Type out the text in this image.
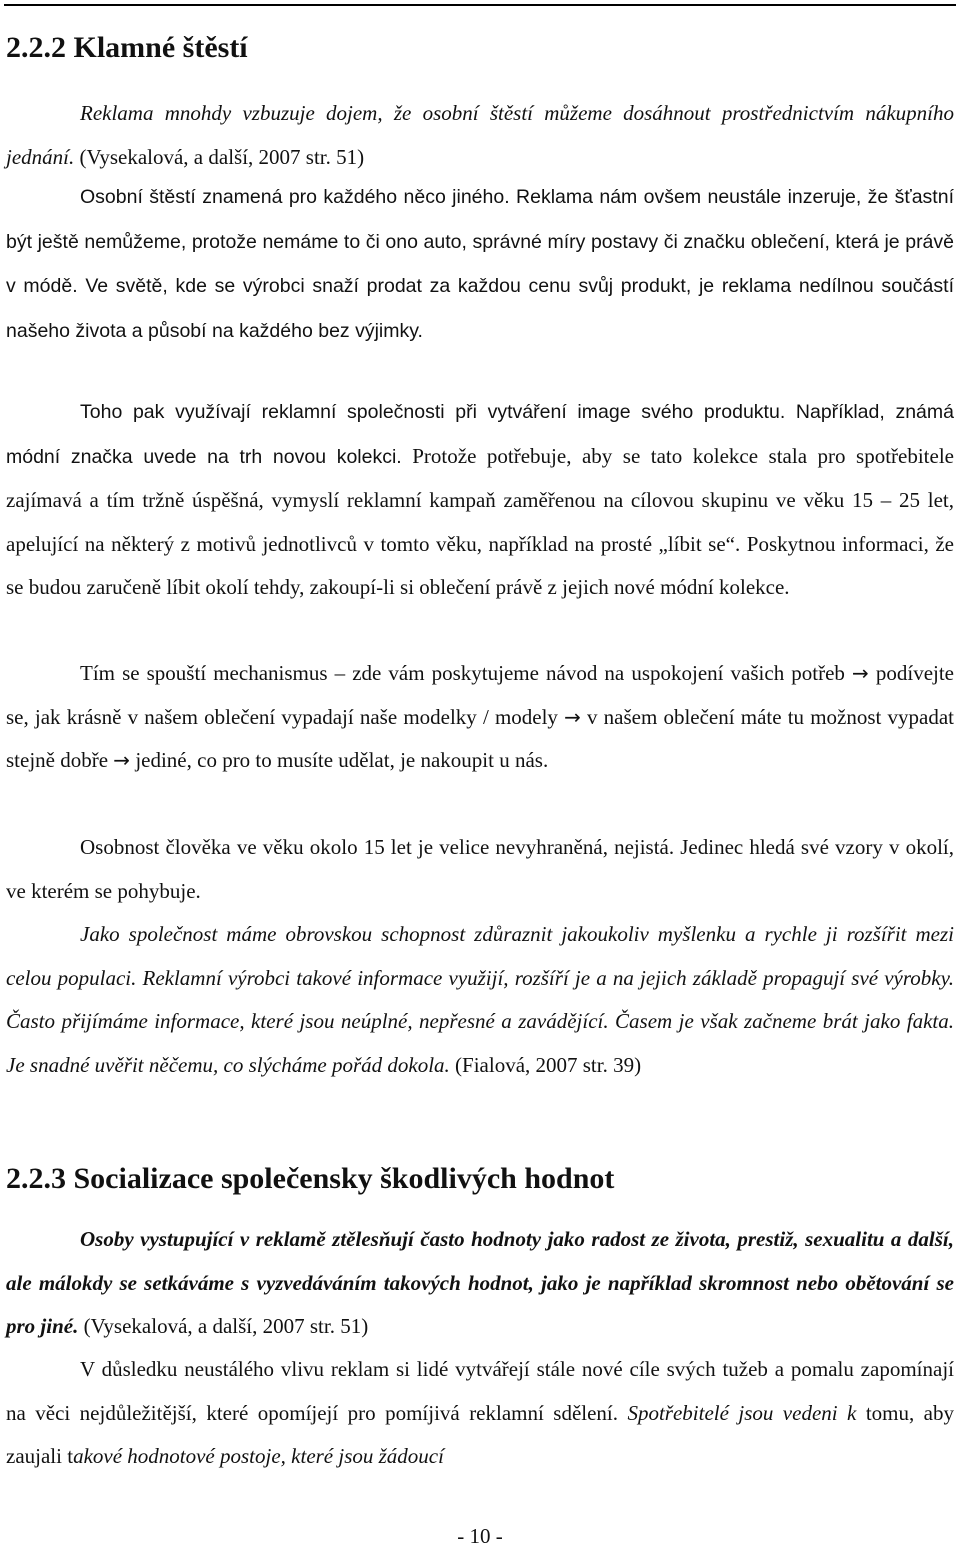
2.2.2 Klamné štěstí

Reklama mnohdy vzbuzuje dojem, že osobní štěstí můžeme dosáhnout prostřednictvím nákupního jednání. (Vysekalová, a další, 2007 str. 51)

Osobní štěstí znamená pro každého něco jiného. Reklama nám ovšem neustále inzeruje, že šťastní být ještě nemůžeme, protože nemáme to či ono auto, správné míry postavy či značku oblečení, která je právě v módě. Ve světě, kde se výrobci snaží prodat za každou cenu svůj produkt, je reklama nedílnou součástí našeho života a působí na každého bez výjimky.

Toho pak využívají reklamní společnosti při vytváření image svého produktu. Například, známá módní značka uvede na trh novou kolekci. Protože potřebuje, aby se tato kolekce stala pro spotřebitele zajímavá a tím tržně úspěšná, vymyslí reklamní kampaň zaměřenou na cílovou skupinu ve věku 15 – 25 let, apelující na některý z motivů jednotlivců v tomto věku, například na prosté „líbit se“. Poskytnou informaci, že se budou zaručeně líbit okolí tehdy, zakoupí-li si oblečení právě z jejich nové módní kolekce.

Tím se spouští mechanismus – zde vám poskytujeme návod na uspokojení vašich potřeb → podívejte se, jak krásně v našem oblečení vypadají naše modelky / modely → v našem oblečení máte tu možnost vypadat stejně dobře → jediné, co pro to musíte udělat, je nakoupit u nás.

Osobnost člověka ve věku okolo 15 let je velice nevyhraněná, nejistá. Jedinec hledá své vzory v okolí, ve kterém se pohybuje.

Jako společnost máme obrovskou schopnost zdůraznit jakoukoliv myšlenku a rychle ji rozšířit mezi celou populaci. Reklamní výrobci takové informace využijí, rozšíří je a na jejich základě propagují své výrobky. Často přijímáme informace, které jsou neúplné, nepřesné a zavádějící. Časem je však začneme brát jako fakta. Je snadné uvěřit něčemu, co slýcháme pořád dokola. (Fialová, 2007 str. 39)

2.2.3 Socializace společensky škodlivých hodnot

Osoby vystupující v reklamě ztělesňují často hodnoty jako radost ze života, prestiž, sexualitu a další, ale málokdy se setkáváme s vyzvedáváním takových hodnot, jako je například skromnost nebo obětování se pro jiné. (Vysekalová, a další, 2007 str. 51)

V důsledku neustálého vlivu reklam si lidé vytvářejí stále nové cíle svých tužeb a pomalu zapomínají na věci nejdůležitější, které opomíjejí pro pomíjivá reklamní sdělení. Spotřebitelé jsou vedeni k tomu, aby zaujali takové hodnotové postoje, které jsou žádoucí

- 10 -
